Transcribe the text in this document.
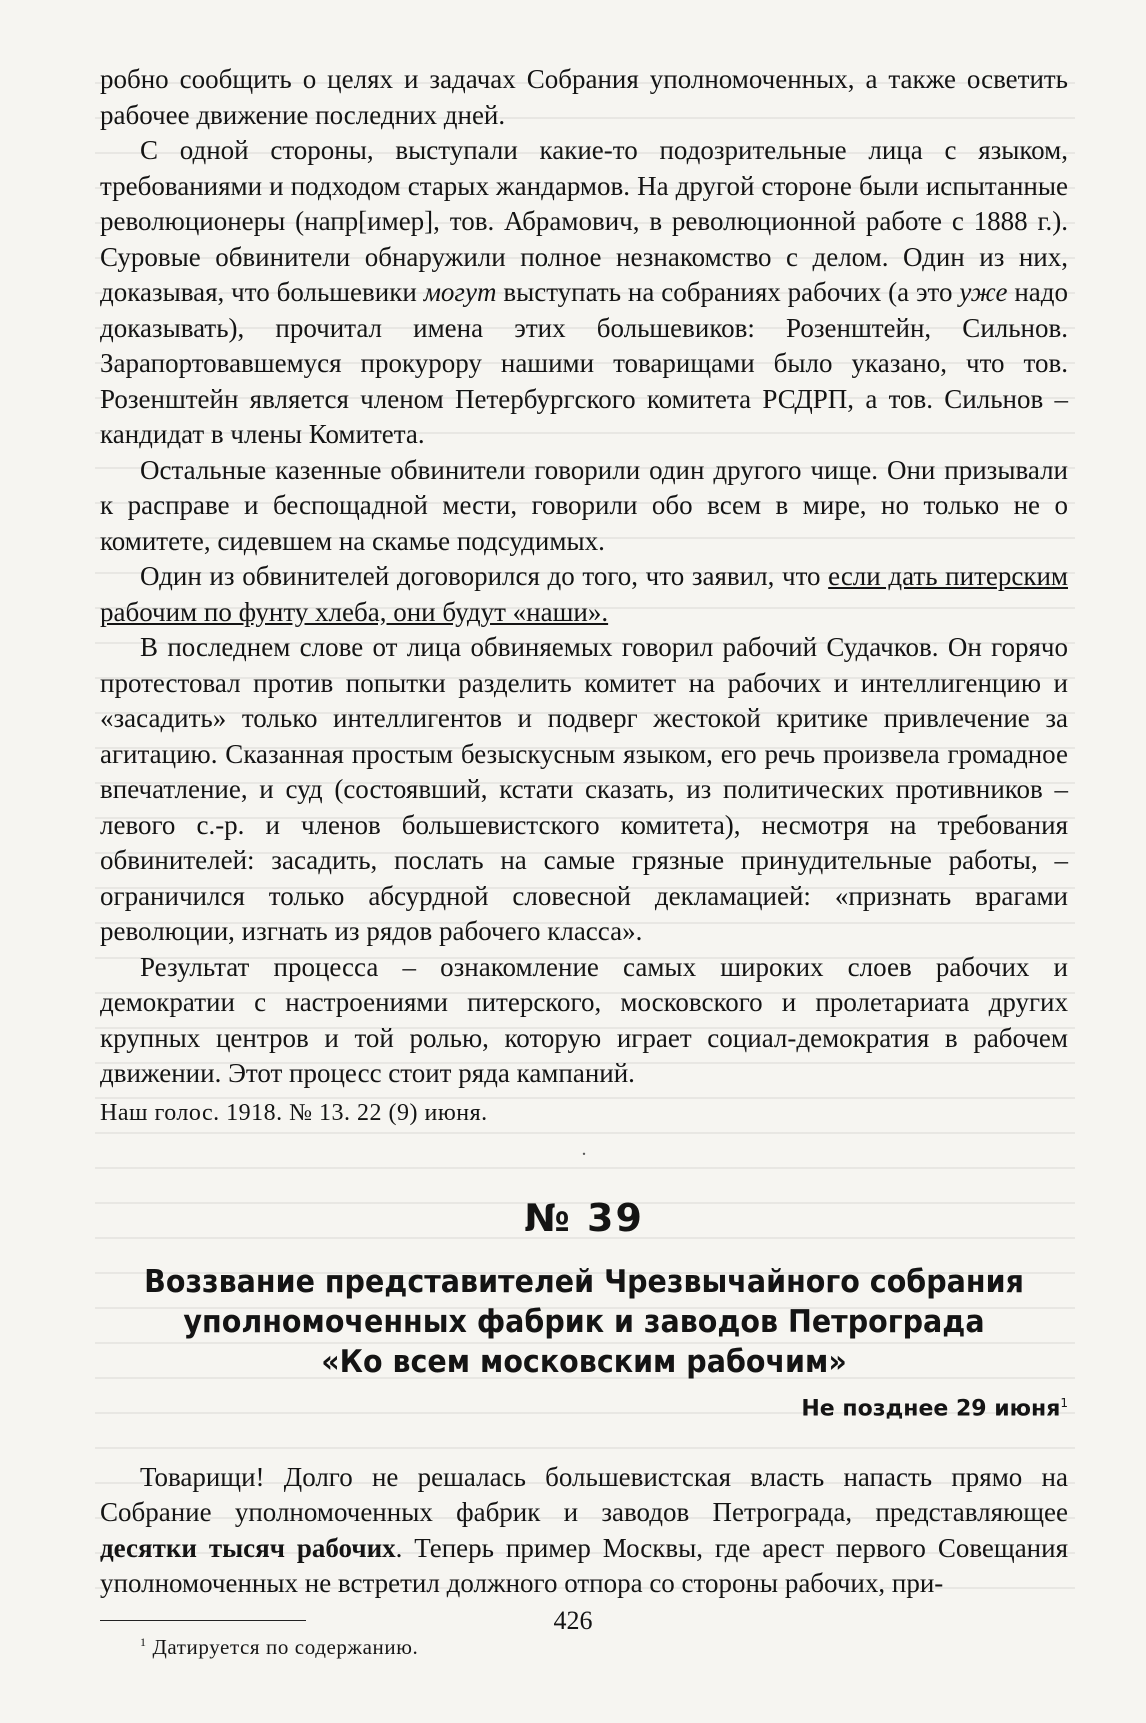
робно сообщить о целях и задачах Собрания уполномоченных, а также осветить рабочее движение последних дней.

С одной стороны, выступали какие-то подозрительные лица с языком, требованиями и подходом старых жандармов. На другой стороне были испытанные революционеры (напр[имер], тов. Абрамович, в революционной работе с 1888 г.). Суровые обвинители обнаружили полное незнакомство с делом. Один из них, доказывая, что большевики могут выступать на собраниях рабочих (а это уже надо доказывать), прочитал имена этих большевиков: Розенштейн, Сильнов. Зарапортовавшемуся прокурору нашими товарищами было указано, что тов. Розенштейн является членом Петербургского комитета РСДРП, а тов. Сильнов – кандидат в члены Комитета.

Остальные казенные обвинители говорили один другого чище. Они призывали к расправе и беспощадной мести, говорили обо всем в мире, но только не о комитете, сидевшем на скамье подсудимых.

Один из обвинителей договорился до того, что заявил, что если дать питерским рабочим по фунту хлеба, они будут «наши».

В последнем слове от лица обвиняемых говорил рабочий Судачков. Он горячо протестовал против попытки разделить комитет на рабочих и интеллигенцию и «засадить» только интеллигентов и подверг жестокой критике привлечение за агитацию. Сказанная простым безыскусным языком, его речь произвела громадное впечатление, и суд (состоявший, кстати сказать, из политических противников – левого с.-р. и членов большевистского комитета), несмотря на требования обвинителей: засадить, послать на самые грязные принудительные работы, – ограничился только абсурдной словесной декламацией: «признать врагами революции, изгнать из рядов рабочего класса».

Результат процесса – ознакомление самых широких слоев рабочих и демократии с настроениями питерского, московского и пролетариата других крупных центров и той ролью, которую играет социал-демократия в рабочем движении. Этот процесс стоит ряда кампаний.

Наш голос. 1918. № 13. 22 (9) июня.
.
№ 39
Воззвание представителей Чрезвычайного собрания
уполномоченных фабрик и заводов Петрограда
«Ко всем московским рабочим»
Не позднее 29 июня$^1$

Товарищи! Долго не решалась большевистская власть напасть прямо на Собрание уполномоченных фабрик и заводов Петрограда, представляющее десятки тысяч рабочих. Теперь пример Москвы, где арест первого Совещания уполномоченных не встретил должного отпора со стороны рабочих, при-

$^1$ Датируется по содержанию.
426
